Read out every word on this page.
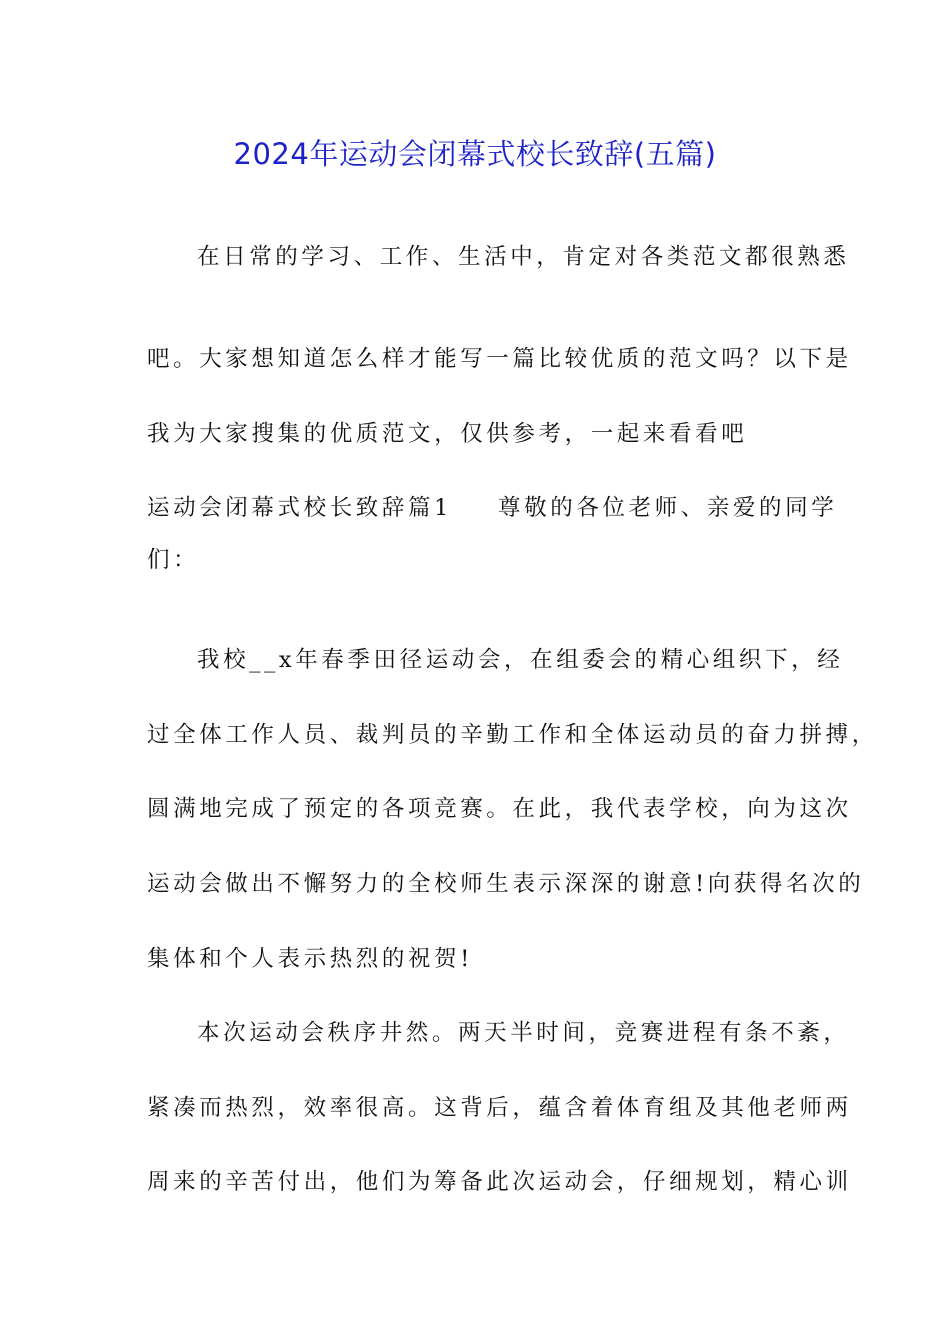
2024年运动会闭幕式校长致辞(五篇)
在日常的学习、工作、生活中，肯定对各类范文都很熟悉
吧。大家想知道怎么样才能写一篇比较优质的范文吗？以下是
我为大家搜集的优质范文，仅供参考，一起来看看吧
运动会闭幕式校长致辞篇1 尊敬的各位老师、亲爱的同学
们：
我校__x年春季田径运动会，在组委会的精心组织下，经
过全体工作人员、裁判员的辛勤工作和全体运动员的奋力拼搏，
圆满地完成了预定的各项竞赛。在此，我代表学校，向为这次
运动会做出不懈努力的全校师生表示深深的谢意!向获得名次的
集体和个人表示热烈的祝贺!
本次运动会秩序井然。两天半时间，竞赛进程有条不紊，
紧凑而热烈，效率很高。这背后，蕴含着体育组及其他老师两
周来的辛苦付出，他们为筹备此次运动会，仔细规划，精心训
